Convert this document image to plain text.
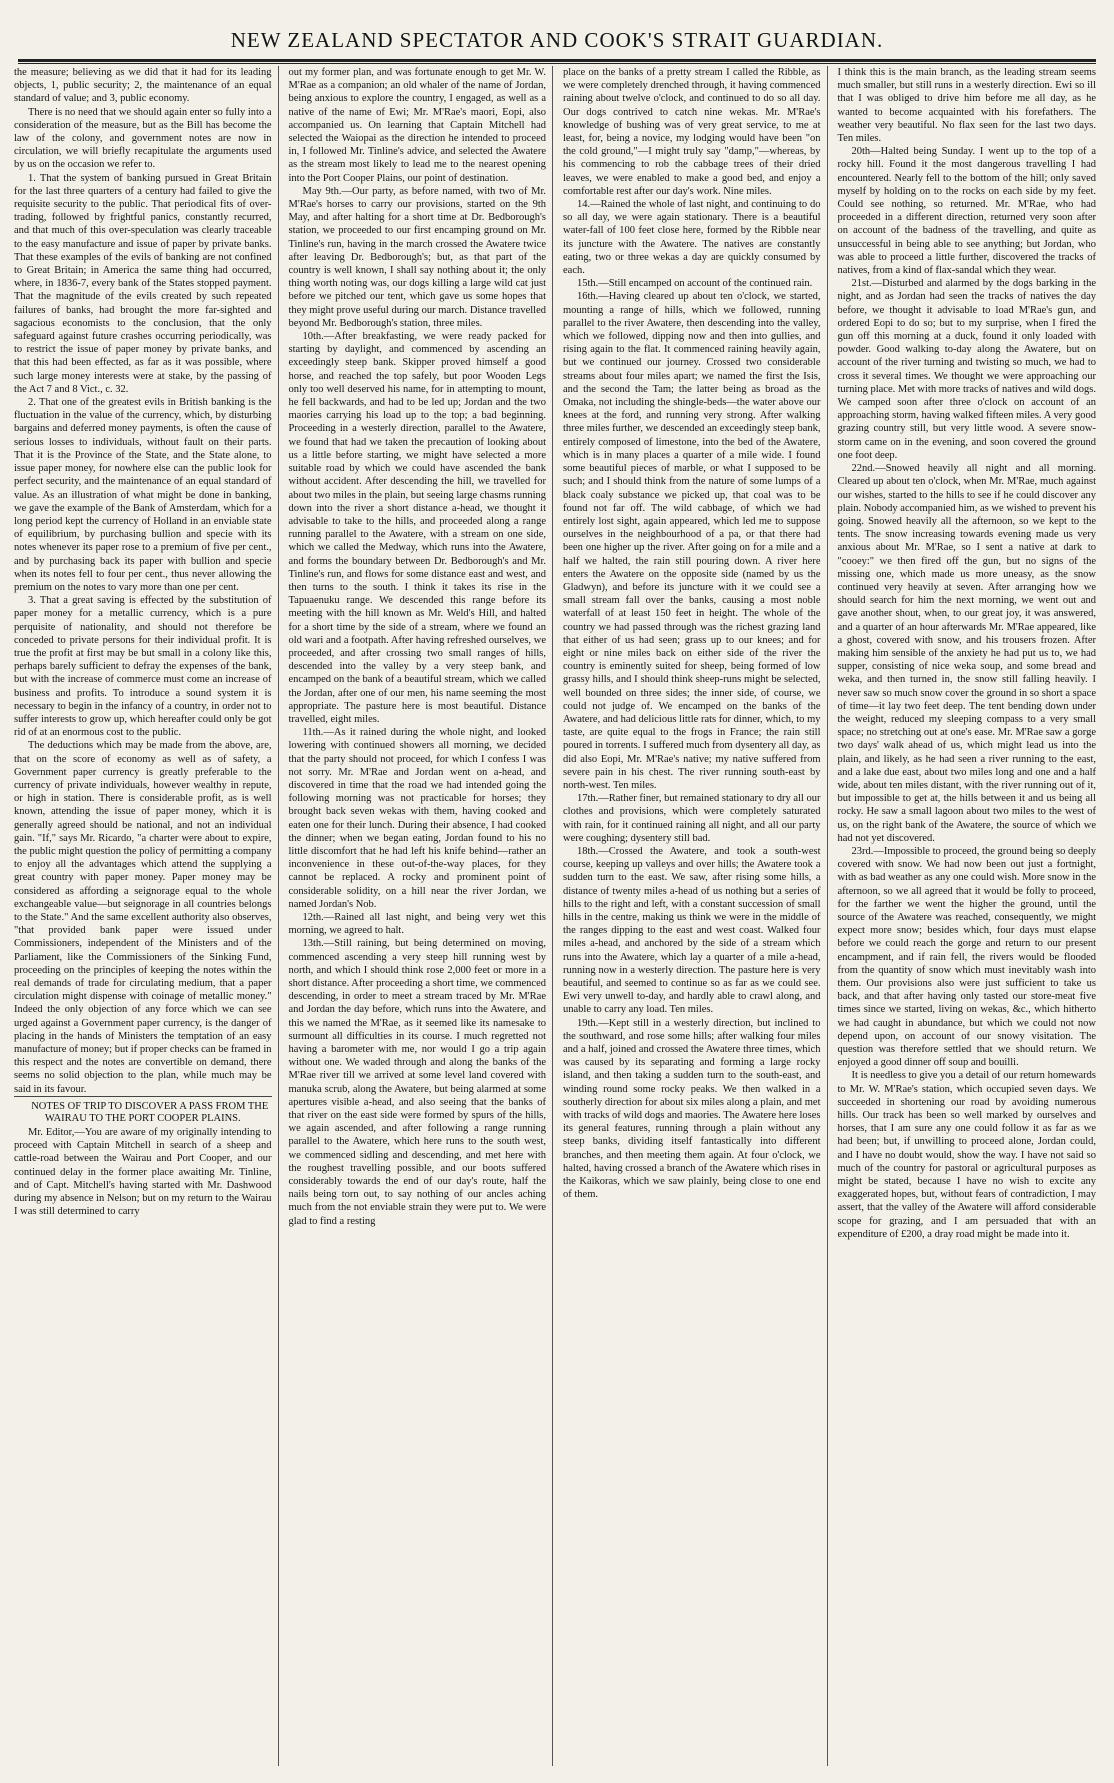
NEW ZEALAND SPECTATOR AND COOK'S STRAIT GUARDIAN.

the measure; believing as we did that it had for its leading objects, 1, public security; 2, the maintenance of an equal standard of value; and 3, public economy.

There is no need that we should again enter so fully into a consideration of the measure, but as the Bill has become the law of the colony, and government notes are now in circulation, we will briefly recapitulate the arguments used by us on the occasion we refer to.

1. That the system of banking pursued in Great Britain for the last three quarters of a century had failed to give the requisite security to the public. That periodical fits of over-trading, followed by frightful panics, constantly recurred, and that much of this over-speculation was clearly traceable to the easy manufacture and issue of paper by private banks. That these examples of the evils of banking are not confined to Great Britain; in America the same thing had occurred, where, in 1836-7, every bank of the States stopped payment. That the magnitude of the evils created by such repeated failures of banks, had brought the more far-sighted and sagacious economists to the conclusion, that the only safeguard against future crashes occurring periodically, was to restrict the issue of paper money by private banks, and that this had been effected, as far as it was possible, where such large money interests were at stake, by the passing of the Act 7 and 8 Vict., c. 32.

2. That one of the greatest evils in British banking is the fluctuation in the value of the currency, which, by disturbing bargains and deferred money payments, is often the cause of serious losses to individuals, without fault on their parts. That it is the Province of the State, and the State alone, to issue paper money, for nowhere else can the public look for perfect security, and the maintenance of an equal standard of value. As an illustration of what might be done in banking, we gave the example of the Bank of Amsterdam, which for a long period kept the currency of Holland in an enviable state of equilibrium, by purchasing bullion and specie with its notes whenever its paper rose to a premium of five per cent., and by purchasing back its paper with bullion and specie when its notes fell to four per cent., thus never allowing the premium on the notes to vary more than one per cent.

3. That a great saving is effected by the substitution of paper money for a metallic currency, which is a pure perquisite of nationality, and should not therefore be conceded to private persons for their individual profit. It is true the profit at first may be but small in a colony like this, perhaps barely sufficient to defray the expenses of the bank, but with the increase of commerce must come an increase of business and profits. To introduce a sound system it is necessary to begin in the infancy of a country, in order not to suffer interests to grow up, which hereafter could only be got rid of at an enormous cost to the public.

The deductions which may be made from the above, are, that on the score of economy as well as of safety, a Government paper currency is greatly preferable to the currency of private individuals, however wealthy in repute, or high in station. There is considerable profit, as is well known, attending the issue of paper money, which it is generally agreed should be national, and not an individual gain. "If," says Mr. Ricardo, "a charter were about to expire, the public might question the policy of permitting a company to enjoy all the advantages which attend the supplying a great country with paper money. Paper money may be considered as affording a seignorage equal to the whole exchangeable value—but seignorage in all countries belongs to the State." And the same excellent authority also observes, "that provided bank paper were issued under Commissioners, independent of the Ministers and of the Parliament, like the Commissioners of the Sinking Fund, proceeding on the principles of keeping the notes within the real demands of trade for circulating medium, that a paper circulation might dispense with coinage of metallic money." Indeed the only objection of any force which we can see urged against a Government paper currency, is the danger of placing in the hands of Ministers the temptation of an easy manufacture of money; but if proper checks can be framed in this respect and the notes are convertible on demand, there seems no solid objection to the plan, while much may be said in its favour.

NOTES OF TRIP TO DISCOVER A PASS FROM THE WAIRAU TO THE PORT COOPER PLAINS.

Mr. Editor,—You are aware of my originally intending to proceed with Captain Mitchell in search of a sheep and cattle-road between the Wairau and Port Cooper, and our continued delay in the former place awaiting Mr. Tinline, and of Capt. Mitchell's having started with Mr. Dashwood during my absence in Nelson; but on my return to the Wairau I was still determined to carry

out my former plan, and was fortunate enough to get Mr. W. M'Rae as a companion; an old whaler of the name of Jordan, being anxious to explore the country, I engaged, as well as a native of the name of Ewi; Mr. M'Rae's maori, Eopi, also accompanied us. On learning that Captain Mitchell had selected the Waiopai as the direction he intended to proceed in, I followed Mr. Tinline's advice, and selected the Awatere as the stream most likely to lead me to the nearest opening into the Port Cooper Plains, our point of destination.

May 9th.—Our party, as before named, with two of Mr. M'Rae's horses to carry our provisions, started on the 9th May, and after halting for a short time at Dr. Bedborough's station, we proceeded to our first encamping ground on Mr. Tinline's run, having in the march crossed the Awatere twice after leaving Dr. Bedborough's; but, as that part of the country is well known, I shall say nothing about it; the only thing worth noting was, our dogs killing a large wild cat just before we pitched our tent, which gave us some hopes that they might prove useful during our march. Distance travelled beyond Mr. Bedborough's station, three miles.

10th.—After breakfasting, we were ready packed for starting by daylight, and commenced by ascending an exceedingly steep bank. Skipper proved himself a good horse, and reached the top safely, but poor Wooden Legs only too well deserved his name, for in attempting to mount, he fell backwards, and had to be led up; Jordan and the two maories carrying his load up to the top; a bad beginning. Proceeding in a westerly direction, parallel to the Awatere, we found that had we taken the precaution of looking about us a little before starting, we might have selected a more suitable road by which we could have ascended the bank without accident. After descending the hill, we travelled for about two miles in the plain, but seeing large chasms running down into the river a short distance a-head, we thought it advisable to take to the hills, and proceeded along a range running parallel to the Awatere, with a stream on one side, which we called the Medway, which runs into the Awatere, and forms the boundary between Dr. Bedborough's and Mr. Tinline's run, and flows for some distance east and west, and then turns to the south. I think it takes its rise in the Tapuaenuku range. We descended this range before its meeting with the hill known as Mr. Weld's Hill, and halted for a short time by the side of a stream, where we found an old wari and a footpath. After having refreshed ourselves, we proceeded, and after crossing two small ranges of hills, descended into the valley by a very steep bank, and encamped on the bank of a beautiful stream, which we called the Jordan, after one of our men, his name seeming the most appropriate. The pasture here is most beautiful. Distance travelled, eight miles.

11th.—As it rained during the whole night, and looked lowering with continued showers all morning, we decided that the party should not proceed, for which I confess I was not sorry. Mr. M'Rae and Jordan went on a-head, and discovered in time that the road we had intended going the following morning was not practicable for horses; they brought back seven wekas with them, having cooked and eaten one for their lunch. During their absence, I had cooked the dinner; when we began eating, Jordan found to his no little discomfort that he had left his knife behind—rather an inconvenience in these out-of-the-way places, for they cannot be replaced. A rocky and prominent point of considerable solidity, on a hill near the river Jordan, we named Jordan's Nob.

12th.—Rained all last night, and being very wet this morning, we agreed to halt.

13th.—Still raining, but being determined on moving, commenced ascending a very steep hill running west by north, and which I should think rose 2,000 feet or more in a short distance. After proceeding a short time, we commenced descending, in order to meet a stream traced by Mr. M'Rae and Jordan the day before, which runs into the Awatere, and this we named the M'Rae, as it seemed like its namesake to surmount all difficulties in its course. I much regretted not having a barometer with me, nor would I go a trip again without one. We waded through and along the banks of the M'Rae river till we arrived at some level land covered with manuka scrub, along the Awatere, but being alarmed at some apertures visible a-head, and also seeing that the banks of that river on the east side were formed by spurs of the hills, we again ascended, and after following a range running parallel to the Awatere, which here runs to the south west, we commenced sidling and descending, and met here with the roughest travelling possible, and our boots suffered considerably towards the end of our day's route, half the nails being torn out, to say nothing of our ancles aching much from the not enviable strain they were put to. We were glad to find a resting

place on the banks of a pretty stream I called the Ribble, as we were completely drenched through, it having commenced raining about twelve o'clock, and continued to do so all day. Our dogs contrived to catch nine wekas. Mr. M'Rae's knowledge of bushing was of very great service, to me at least, for, being a novice, my lodging would have been "on the cold ground,"—I might truly say "damp,"—whereas, by his commencing to rob the cabbage trees of their dried leaves, we were enabled to make a good bed, and enjoy a comfortable rest after our day's work. Nine miles.

14.—Rained the whole of last night, and continuing to do so all day, we were again stationary. There is a beautiful water-fall of 100 feet close here, formed by the Ribble near its juncture with the Awatere. The natives are constantly eating, two or three wekas a day are quickly consumed by each.

15th.—Still encamped on account of the continued rain.

16th.—Having cleared up about ten o'clock, we started, mounting a range of hills, which we followed, running parallel to the river Awatere, then descending into the valley, which we followed, dipping now and then into gullies, and rising again to the flat. It commenced raining heavily again, but we continued our journey. Crossed two considerable streams about four miles apart; we named the first the Isis, and the second the Tam; the latter being as broad as the Omaka, not including the shingle-beds—the water above our knees at the ford, and running very strong. After walking three miles further, we descended an exceedingly steep bank, entirely composed of limestone, into the bed of the Awatere, which is in many places a quarter of a mile wide. I found some beautiful pieces of marble, or what I supposed to be such; and I should think from the nature of some lumps of a black coaly substance we picked up, that coal was to be found not far off. The wild cabbage, of which we had entirely lost sight, again appeared, which led me to suppose ourselves in the neighbourhood of a pa, or that there had been one higher up the river. After going on for a mile and a half we halted, the rain still pouring down. A river here enters the Awatere on the opposite side (named by us the Gladwyn), and before its juncture with it we could see a small stream fall over the banks, causing a most noble waterfall of at least 150 feet in height. The whole of the country we had passed through was the richest grazing land that either of us had seen; grass up to our knees; and for eight or nine miles back on either side of the river the country is eminently suited for sheep, being formed of low grassy hills, and I should think sheep-runs might be selected, well bounded on three sides; the inner side, of course, we could not judge of. We encamped on the banks of the Awatere, and had delicious little rats for dinner, which, to my taste, are quite equal to the frogs in France; the rain still poured in torrents. I suffered much from dysentery all day, as did also Eopi, Mr. M'Rae's native; my native suffered from severe pain in his chest. The river running south-east by north-west. Ten miles.

17th.—Rather finer, but remained stationary to dry all our clothes and provisions, which were completely saturated with rain, for it continued raining all night, and all our party were coughing; dysentery still bad.

18th.—Crossed the Awatere, and took a south-west course, keeping up valleys and over hills; the Awatere took a sudden turn to the east. We saw, after rising some hills, a distance of twenty miles a-head of us nothing but a series of hills to the right and left, with a constant succession of small hills in the centre, making us think we were in the middle of the ranges dipping to the east and west coast. Walked four miles a-head, and anchored by the side of a stream which runs into the Awatere, which lay a quarter of a mile a-head, running now in a westerly direction. The pasture here is very beautiful, and seemed to continue so as far as we could see. Ewi very unwell to-day, and hardly able to crawl along, and unable to carry any load. Ten miles.

19th.—Kept still in a westerly direction, but inclined to the southward, and rose some hills; after walking four miles and a half, joined and crossed the Awatere three times, which was caused by its separating and forming a large rocky island, and then taking a sudden turn to the south-east, and winding round some rocky peaks. We then walked in a southerly direction for about six miles along a plain, and met with tracks of wild dogs and maories. The Awatere here loses its general features, running through a plain without any steep banks, dividing itself fantastically into different branches, and then meeting them again. At four o'clock, we halted, having crossed a branch of the Awatere which rises in the Kaikoras, which we saw plainly, being close to one end of them.

I think this is the main branch, as the leading stream seems much smaller, but still runs in a westerly direction. Ewi so ill that I was obliged to drive him before me all day, as he wanted to become acquainted with his forefathers. The weather very beautiful. No flax seen for the last two days. Ten miles.

20th—Halted being Sunday. I went up to the top of a rocky hill. Found it the most dangerous travelling I had encountered. Nearly fell to the bottom of the hill; only saved myself by holding on to the rocks on each side by my feet. Could see nothing, so returned. Mr. M'Rae, who had proceeded in a different direction, returned very soon after on account of the badness of the travelling, and quite as unsuccessful in being able to see anything; but Jordan, who was able to proceed a little further, discovered the tracks of natives, from a kind of flax-sandal which they wear.

21st.—Disturbed and alarmed by the dogs barking in the night, and as Jordan had seen the tracks of natives the day before, we thought it advisable to load M'Rae's gun, and ordered Eopi to do so; but to my surprise, when I fired the gun off this morning at a duck, found it only loaded with powder. Good walking to-day along the Awatere, but on account of the river turning and twisting so much, we had to cross it several times. We thought we were approaching our turning place. Met with more tracks of natives and wild dogs. We camped soon after three o'clock on account of an approaching storm, having walked fifteen miles. A very good grazing country still, but very little wood. A severe snow-storm came on in the evening, and soon covered the ground one foot deep.

22nd.—Snowed heavily all night and all morning. Cleared up about ten o'clock, when Mr. M'Rae, much against our wishes, started to the hills to see if he could discover any plain. Nobody accompanied him, as we wished to prevent his going. Snowed heavily all the afternoon, so we kept to the tents. The snow increasing towards evening made us very anxious about Mr. M'Rae, so I sent a native at dark to "cooey:" we then fired off the gun, but no signs of the missing one, which made us more uneasy, as the snow continued very heavily at seven. After arranging how we should search for him the next morning, we went out and gave another shout, when, to our great joy, it was answered, and a quarter of an hour afterwards Mr. M'Rae appeared, like a ghost, covered with snow, and his trousers frozen. After making him sensible of the anxiety he had put us to, we had supper, consisting of nice weka soup, and some bread and weka, and then turned in, the snow still falling heavily. I never saw so much snow cover the ground in so short a space of time—it lay two feet deep. The tent bending down under the weight, reduced my sleeping compass to a very small space; no stretching out at one's ease. Mr. M'Rae saw a gorge two days' walk ahead of us, which might lead us into the plain, and likely, as he had seen a river running to the east, and a lake due east, about two miles long and one and a half wide, about ten miles distant, with the river running out of it, but impossible to get at, the hills between it and us being all rocky. He saw a small lagoon about two miles to the west of us, on the right bank of the Awatere, the source of which we had not yet discovered.

23rd.—Impossible to proceed, the ground being so deeply covered with snow. We had now been out just a fortnight, with as bad weather as any one could wish. More snow in the afternoon, so we all agreed that it would be folly to proceed, for the farther we went the higher the ground, until the source of the Awatere was reached, consequently, we might expect more snow; besides which, four days must elapse before we could reach the gorge and return to our present encampment, and if rain fell, the rivers would be flooded from the quantity of snow which must inevitably wash into them. Our provisions also were just sufficient to take us back, and that after having only tasted our store-meat five times since we started, living on wekas, &c., which hitherto we had caught in abundance, but which we could not now depend upon, on account of our snowy visitation. The question was therefore settled that we should return. We enjoyed a good dinner off soup and bouilli.

It is needless to give you a detail of our return homewards to Mr. W. M'Rae's station, which occupied seven days. We succeeded in shortening our road by avoiding numerous hills. Our track has been so well marked by ourselves and horses, that I am sure any one could follow it as far as we had been; but, if unwilling to proceed alone, Jordan could, and I have no doubt would, show the way. I have not said so much of the country for pastoral or agricultural purposes as might be stated, because I have no wish to excite any exaggerated hopes, but, without fears of contradiction, I may assert, that the valley of the Awatere will afford considerable scope for grazing, and I am persuaded that with an expenditure of £200, a dray road might be made into it.
